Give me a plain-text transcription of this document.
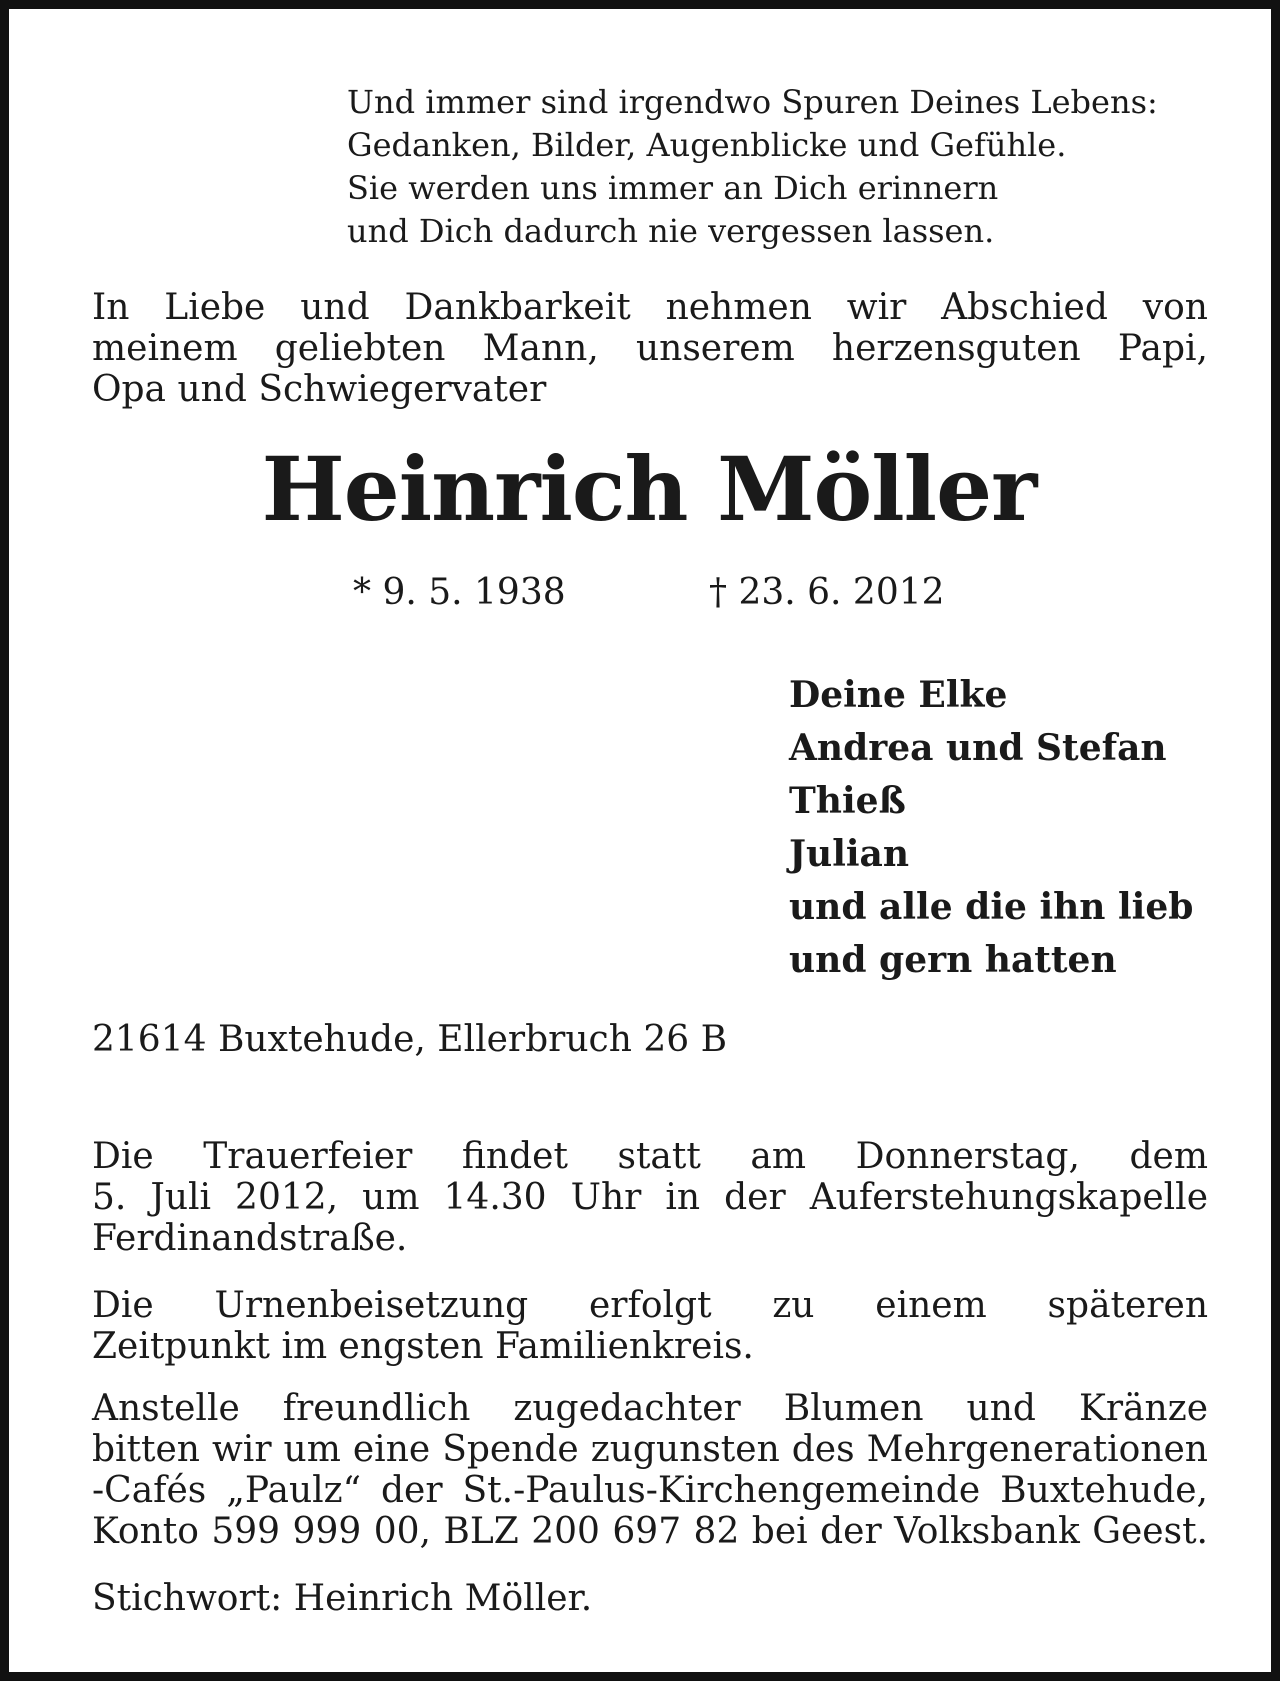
Und immer sind irgendwo Spuren Deines Lebens:
Gedanken, Bilder, Augenblicke und Gefühle.
Sie werden uns immer an Dich erinnern
und Dich dadurch nie vergessen lassen.
In Liebe und Dankbarkeit nehmen wir Abschied von
meinem geliebten Mann, unserem herzensguten Papi,
Opa und Schwiegervater
Heinrich Möller
* 9. 5. 1938	† 23. 6. 2012
Deine Elke
Andrea und Stefan
Thieß
Julian
und alle die ihn lieb
und gern hatten
21614 Buxtehude, Ellerbruch 26 B
Die Trauerfeier findet statt am Donnerstag, dem
5. Juli 2012, um 14.30 Uhr in der Auferstehungskapelle
Ferdinandstraße.
Die Urnenbeisetzung erfolgt zu einem späteren
Zeitpunkt im engsten Familienkreis.
Anstelle freundlich zugedachter Blumen und Kränze
bitten wir um eine Spende zugunsten des Mehrgenerationen
-Cafés „Paulz“ der St.-Paulus-Kirchengemeinde Buxtehude,
Konto 599 999 00, BLZ 200 697 82 bei der Volksbank Geest.
Stichwort: Heinrich Möller.
